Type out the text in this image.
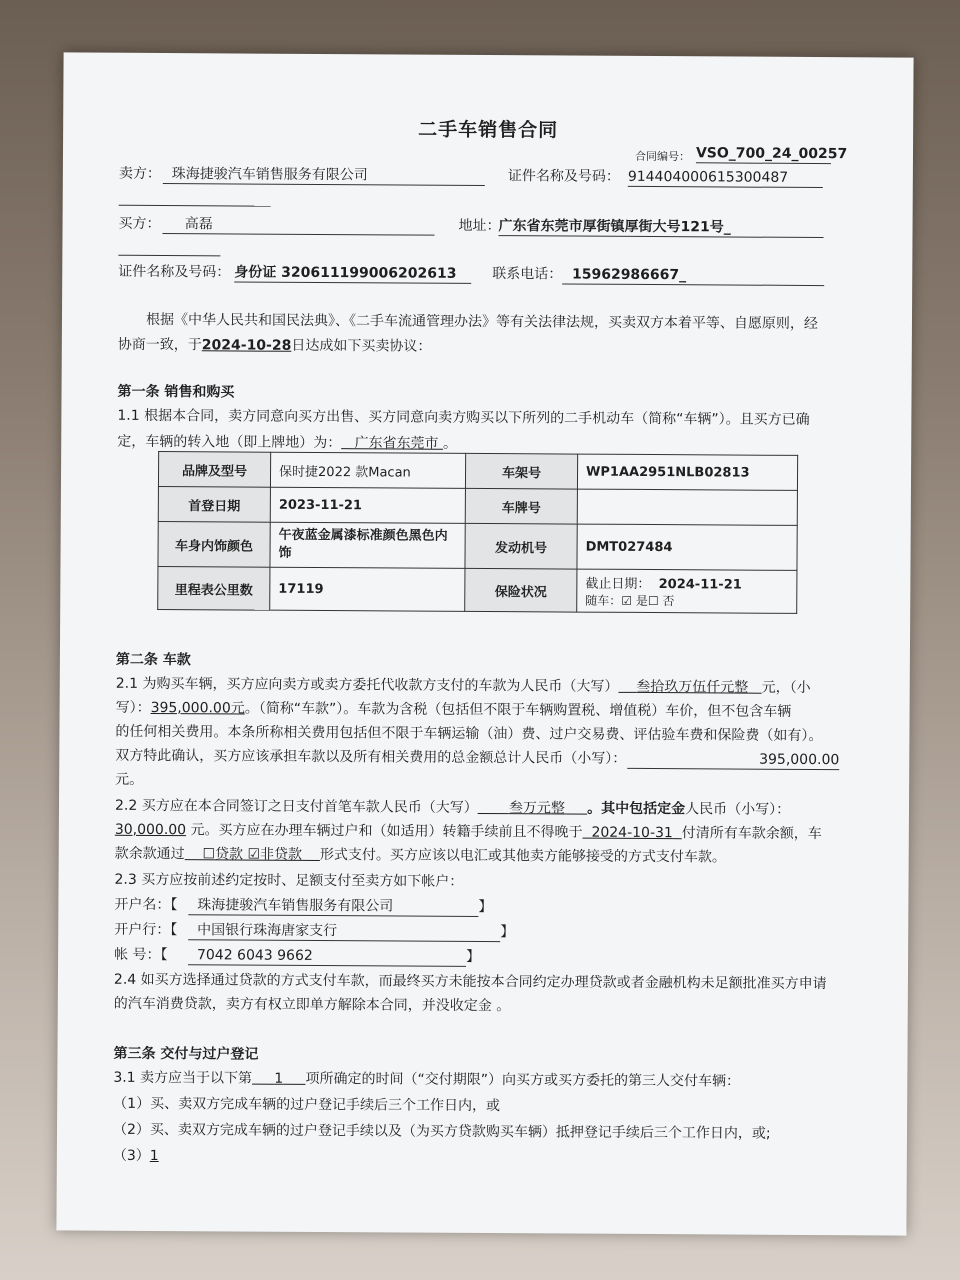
二手车销售合同
合同编号： VSO_700_24_00257
卖方： 珠海捷骏汽车销售服务有限公司	证件名称及号码： 914404000615300487

买方：	高磊	地址：
广东省东莞市厚街镇厚街大号121号_

证件名称及号码： 身份证 320611199006202613	联系电话： 15962986667_
根据《中华人民共和国民法典》、《二手车流通管理办法》等有关法律法规，买卖双方本着平等、自愿原则，经
协商一致，于2024-10-28日达成如下买卖协议：
第一条 销售和购买
1.1 根据本合同，卖方同意向买方出售、买方同意向卖方购买以下所列的二手机动车（简称“车辆”）。且买方已确
定，车辆的转入地（即上牌地）为： 广东省东莞市 。
品牌及型号	保时捷2022 款Macan	车架号	WP1AA2951NLB02813
首登日期	2023-11-21	车牌号	
车身内饰颜色	午夜蓝金属漆标准颜色黑色内饰	发动机号	DMT027484
里程表公里数	17119	保险状况	截止日期： 2024-11-21
随车：☑ 是☐ 否
第二条 车款
2.1 为购买车辆，买方应向卖方或卖方委托代收款方支付的车款为人民币（大写） 叁拾玖万伍仟元整 元，（小
写）：395,000.00元。（简称“车款”）。车款为含税（包括但不限于车辆购置税、增值税）车价，但不包含车辆
的任何相关费用。本条所称相关费用包括但不限于车辆运输（油）费、过户交易费、评估验车费和保险费（如有）。
双方特此确认，买方应该承担车款以及所有相关费用的总金额总计人民币（小写）：	395,000.00
元。
2.2 买方应在本合同签订之日支付首笔车款人民币（大写） 叁万元整 。其中包括定金人民币（小写）：
30,000.00 元。买方应在办理车辆过户和（如适用）转籍手续前且不得晚于 2024-10-31 付清所有车款余额，车
款余款通过 ☐贷款 ☑非贷款 形式支付。买方应该以电汇或其他卖方能够接受的方式支付车款。
2.3 买方应按前述约定按时、足额支付至卖方如下帐户：
开户名：【	珠海捷骏汽车销售服务有限公司	】
开户行：【	中国银行珠海唐家支行	】
帐 号：【	7042 6043 9662	】
2.4 如买方选择通过贷款的方式支付车款，而最终买方未能按本合同约定办理贷款或者金融机构未足额批准买方申请
的汽车消费贷款，卖方有权立即单方解除本合同，并没收定金 。
第三条 交付与过户登记
3.1 卖方应当于以下第 1 项所确定的时间（“交付期限”）向买方或买方委托的第三人交付车辆：
（1）买、卖双方完成车辆的过户登记手续后三个工作日内，或
（2）买、卖双方完成车辆的过户登记手续以及（为买方贷款购买车辆）抵押登记手续后三个工作日内，或;
（3）1
